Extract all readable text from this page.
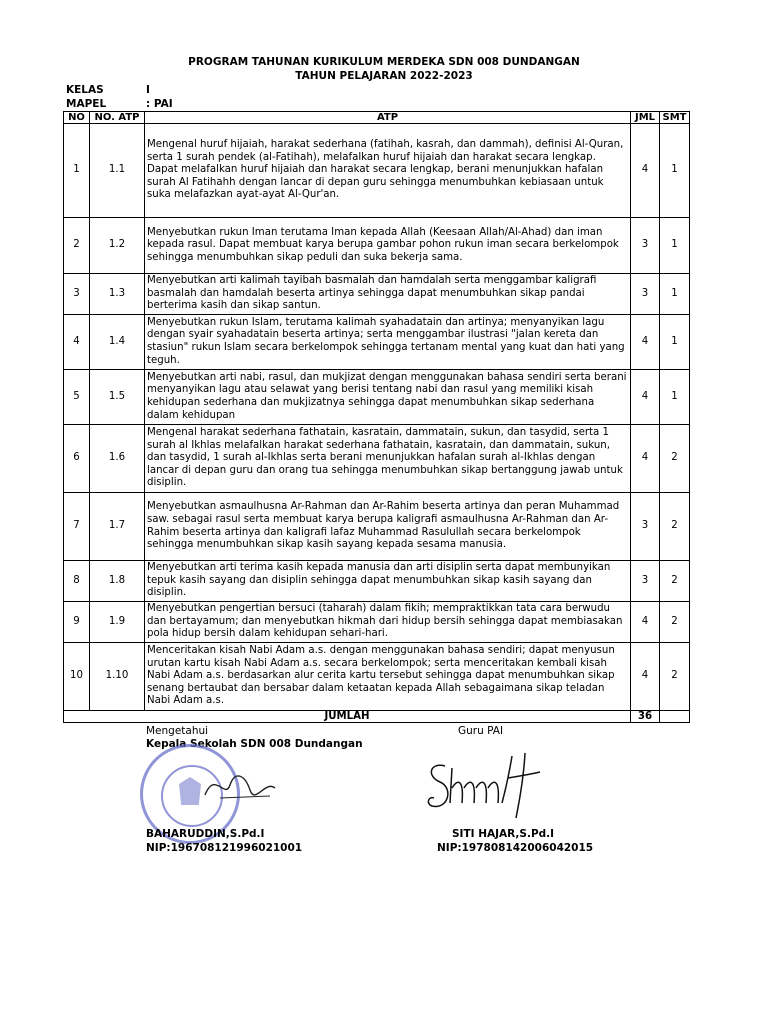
PROGRAM TAHUNAN KURIKULUM MERDEKA SDN 008 DUNDANGAN
TAHUN PELAJARAN 2022-2023
KELAS	I
MAPEL	: PAI
NO	NO. ATP	ATP	JML	SMT
1	1.1	Mengenal huruf hijaiah, harakat sederhana (fatihah, kasrah, dan dammah), definisi Al-Quran, serta 1 surah pendek (al-Fatihah), melafalkan huruf hijaiah dan harakat secara lengkap. Dapat melafalkan huruf hijaiah dan harakat secara lengkap, berani menunjukkan hafalan surah Al Fatihahh dengan lancar di depan guru sehingga menumbuhkan kebiasaan untuk suka melafazkan ayat-ayat Al-Qur'an.	4	1
2	1.2	Menyebutkan rukun Iman terutama Iman kepada Allah (Keesaan Allah/Al-Ahad) dan iman kepada rasul. Dapat membuat karya berupa gambar pohon rukun iman secara berkelompok sehingga menumbuhkan sikap peduli dan suka bekerja sama.	3	1
3	1.3	Menyebutkan arti kalimah tayibah basmalah dan hamdalah serta menggambar kaligrafi basmalah dan hamdalah beserta artinya sehingga dapat menumbuhkan sikap pandai berterima kasih dan sikap santun.	3	1
4	1.4	Menyebutkan rukun Islam, terutama kalimah syahadatain dan artinya; menyanyikan lagu dengan syair syahadatain beserta artinya; serta menggambar ilustrasi "jalan kereta dan stasiun" rukun Islam secara berkelompok sehingga tertanam mental yang kuat dan hati yang teguh.	4	1
5	1.5	Menyebutkan arti nabi, rasul, dan mukjizat dengan menggunakan bahasa sendiri serta berani menyanyikan lagu atau selawat yang berisi tentang nabi dan rasul yang memiliki kisah kehidupan sederhana dan mukjizatnya sehingga dapat menumbuhkan sikap sederhana dalam kehidupan	4	1
6	1.6	Mengenal harakat sederhana fathatain, kasratain, dammatain, sukun, dan tasydid, serta 1 surah al Ikhlas melafalkan harakat sederhana fathatain, kasratain, dan dammatain, sukun, dan tasydid, 1 surah al-Ikhlas serta berani menunjukkan hafalan surah al-Ikhlas dengan lancar di depan guru dan orang tua sehingga menumbuhkan sikap bertanggung jawab untuk disiplin.	4	2
7	1.7	Menyebutkan asmaulhusna Ar-Rahman dan Ar-Rahim beserta artinya dan peran Muhammad saw. sebagai rasul serta membuat karya berupa kaligrafi asmaulhusna Ar-Rahman dan Ar-Rahim beserta artinya dan kaligrafi lafaz Muhammad Rasulullah secara berkelompok sehingga menumbuhkan sikap kasih sayang kepada sesama manusia.	3	2
8	1.8	Menyebutkan arti terima kasih kepada manusia dan arti disiplin serta dapat membunyikan tepuk kasih sayang dan disiplin sehingga dapat menumbuhkan sikap kasih sayang dan disiplin.	3	2
9	1.9	Menyebutkan pengertian bersuci (taharah) dalam fikih; mempraktikkan tata cara berwudu dan bertayamum; dan menyebutkan hikmah dari hidup bersih sehingga dapat membiasakan pola hidup bersih dalam kehidupan sehari-hari.	4	2
10	1.10	Menceritakan kisah Nabi Adam a.s. dengan menggunakan bahasa sendiri; dapat menyusun urutan kartu kisah Nabi Adam a.s. secara berkelompok; serta menceritakan kembali kisah Nabi Adam a.s. berdasarkan alur cerita kartu tersebut sehingga dapat menumbuhkan sikap senang bertaubat dan bersabar dalam ketaatan kepada Allah sebagaimana sikap teladan Nabi Adam a.s.	4	2
JUMLAH			36	
Mengetahui
Kepala Sekolah SDN 008 Dundangan
Guru PAI
BAHARUDDIN,S.Pd.I
NIP:196708121996021001
SITI HAJAR,S.Pd.I
NIP:197808142006042015
